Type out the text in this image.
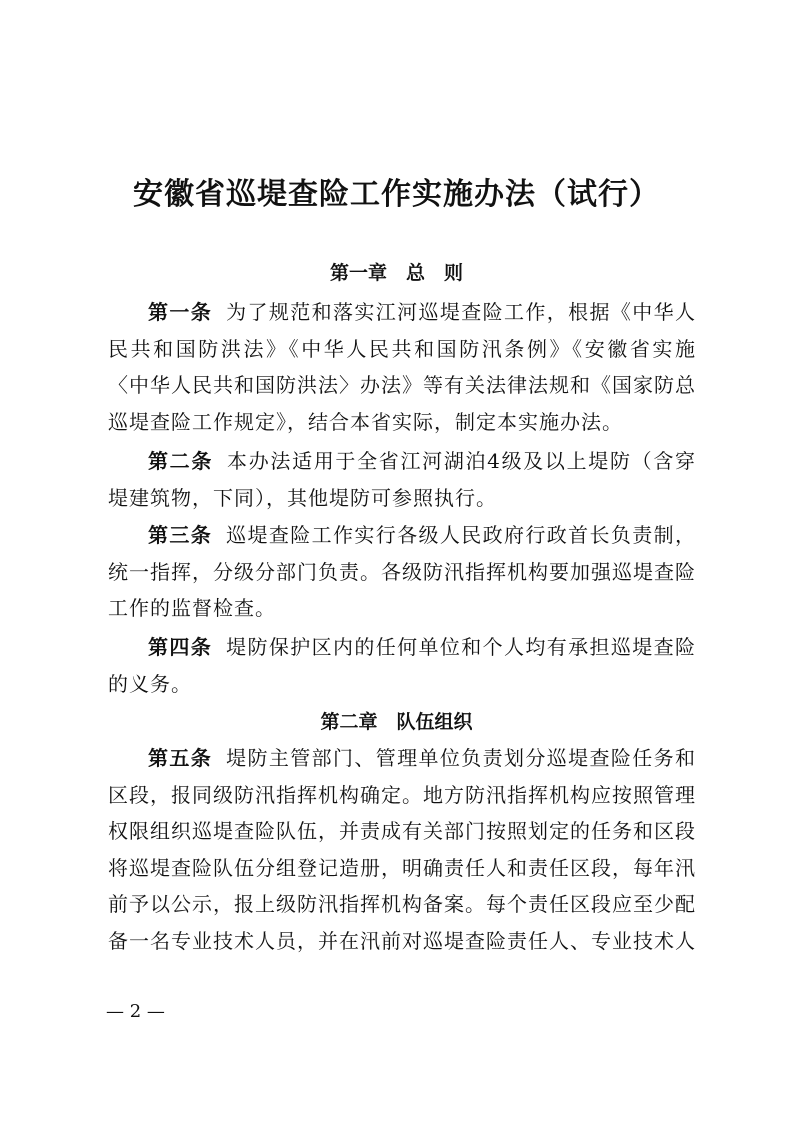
安徽省巡堤查险工作实施办法（试行）
第一章　总　则

第一条 为了规范和落实江河巡堤查险工作，根据《中华人民共和国防洪法》《中华人民共和国防汛条例》《安徽省实施〈中华人民共和国防洪法〉办法》等有关法律法规和《国家防总巡堤查险工作规定》，结合本省实际，制定本实施办法。

第二条 本办法适用于全省江河湖泊4级及以上堤防（含穿堤建筑物，下同），其他堤防可参照执行。

第三条 巡堤查险工作实行各级人民政府行政首长负责制，统一指挥，分级分部门负责。各级防汛指挥机构要加强巡堤查险工作的监督检查。

第四条 堤防保护区内的任何单位和个人均有承担巡堤查险的义务。

第二章　队伍组织

第五条 堤防主管部门、管理单位负责划分巡堤查险任务和区段，报同级防汛指挥机构确定。地方防汛指挥机构应按照管理权限组织巡堤查险队伍，并责成有关部门按照划定的任务和区段将巡堤查险队伍分组登记造册，明确责任人和责任区段，每年汛前予以公示，报上级防汛指挥机构备案。每个责任区段应至少配备一名专业技术人员，并在汛前对巡堤查险责任人、专业技术人

— 2 —
